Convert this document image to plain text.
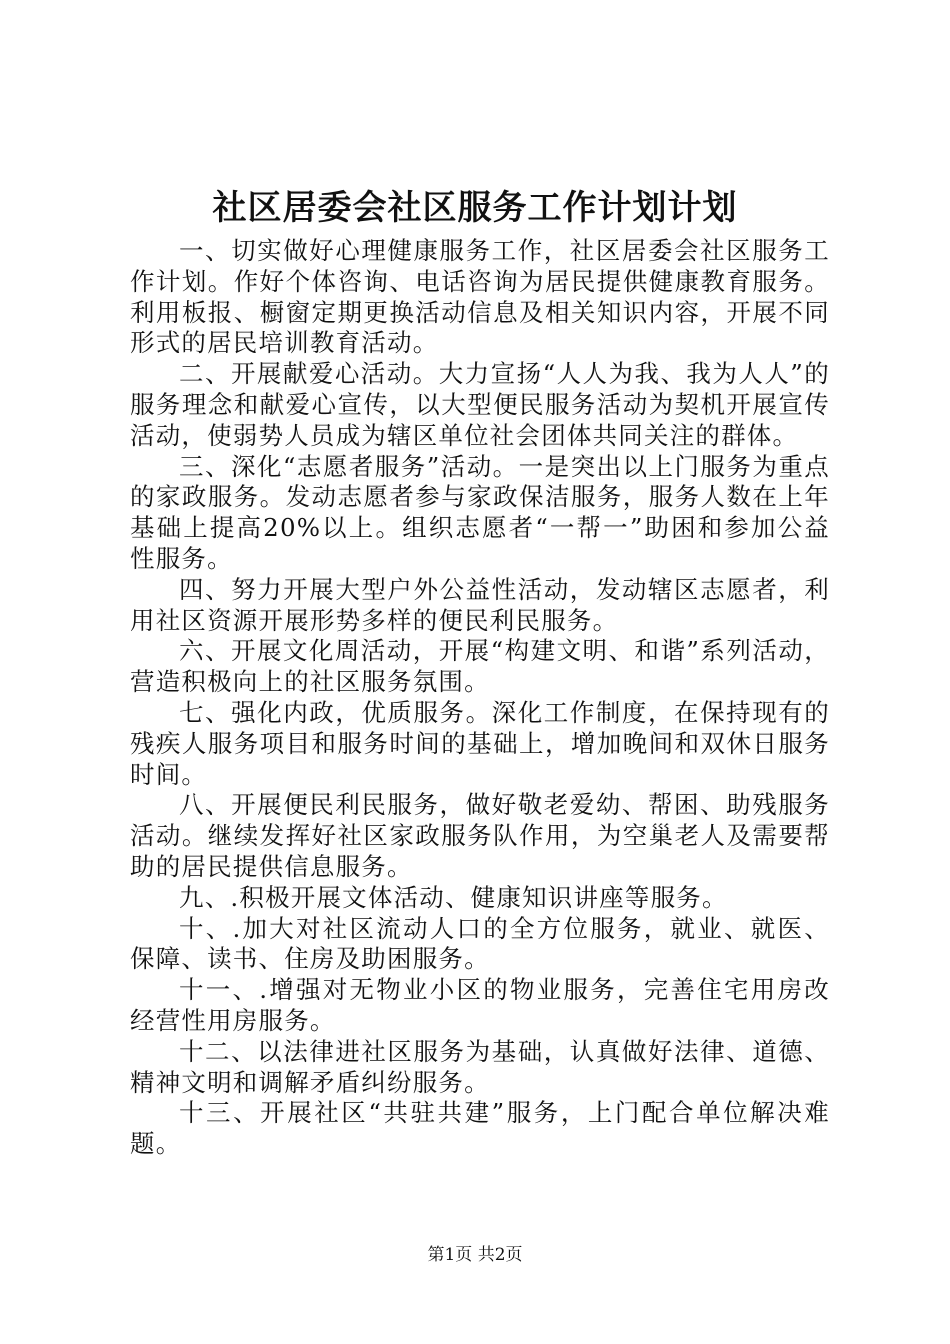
社区居委会社区服务工作计划计划

一、切实做好心理健康服务工作，社区居委会社区服务工作计划。作好个体咨询、电话咨询为居民提供健康教育服务。利用板报、橱窗定期更换活动信息及相关知识内容，开展不同形式的居民培训教育活动。

二、开展献爱心活动。大力宣扬“人人为我、我为人人”的服务理念和献爱心宣传，以大型便民服务活动为契机开展宣传活动，使弱势人员成为辖区单位社会团体共同关注的群体。

三、深化“志愿者服务”活动。一是突出以上门服务为重点的家政服务。发动志愿者参与家政保洁服务，服务人数在上年基础上提高20%以上。组织志愿者“一帮一”助困和参加公益性服务。

四、努力开展大型户外公益性活动，发动辖区志愿者，利用社区资源开展形势多样的便民利民服务。

六、开展文化周活动，开展“构建文明、和谐”系列活动，营造积极向上的社区服务氛围。

七、强化内政，优质服务。深化工作制度，在保持现有的残疾人服务项目和服务时间的基础上，增加晚间和双休日服务时间。

八、开展便民利民服务，做好敬老爱幼、帮困、助残服务活动。继续发挥好社区家政服务队作用，为空巢老人及需要帮助的居民提供信息服务。

九、.积极开展文体活动、健康知识讲座等服务。

十、.加大对社区流动人口的全方位服务，就业、就医、保障、读书、住房及助困服务。

十一、.增强对无物业小区的物业服务，完善住宅用房改经营性用房服务。

十二、以法律进社区服务为基础，认真做好法律、道德、精神文明和调解矛盾纠纷服务。

十三、开展社区“共驻共建”服务，上门配合单位解决难题。

第1页 共2页
